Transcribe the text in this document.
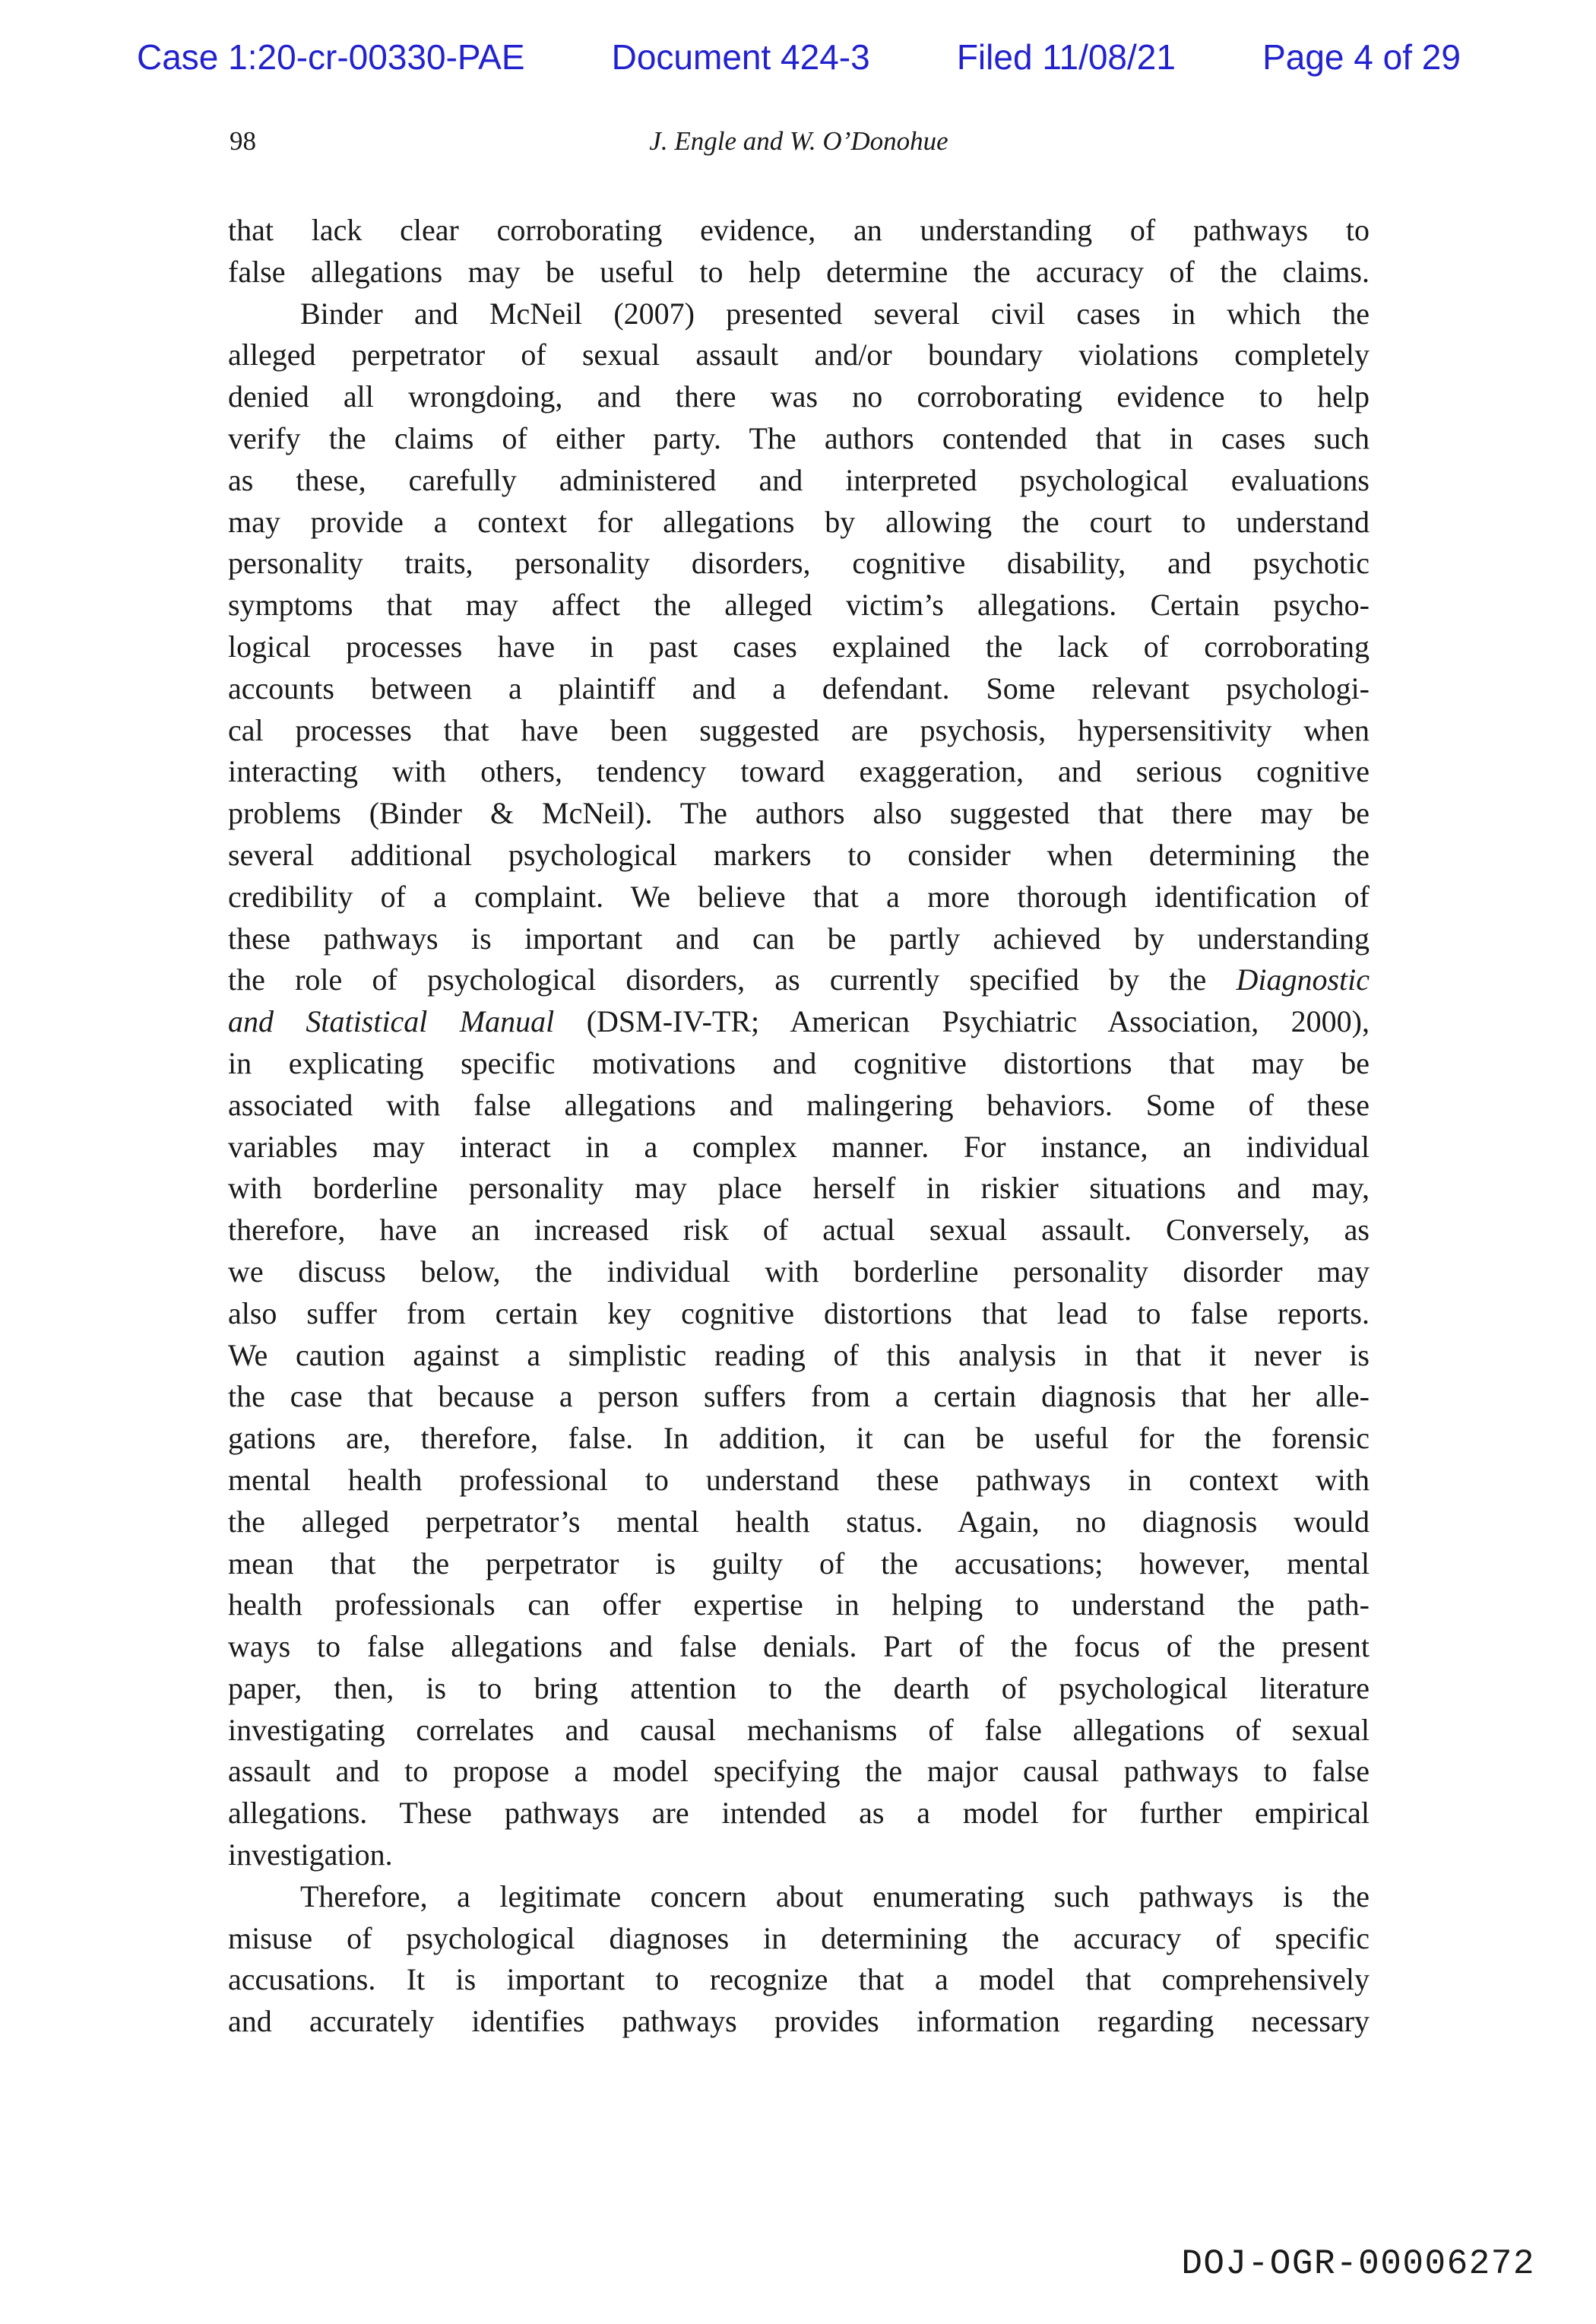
Case 1:20-cr-00330-PAE Document 424-3 Filed 11/08/21 Page 4 of 29
98	J. Engle and W. O’Donohue
that lack clear corroborating evidence, an understanding of pathways to
false allegations may be useful to help determine the accuracy of the claims.
Binder and McNeil (2007) presented several civil cases in which the
alleged perpetrator of sexual assault and/or boundary violations completely
denied all wrongdoing, and there was no corroborating evidence to help
verify the claims of either party. The authors contended that in cases such
as these, carefully administered and interpreted psychological evaluations
may provide a context for allegations by allowing the court to understand
personality traits, personality disorders, cognitive disability, and psychotic
symptoms that may affect the alleged victim’s allegations. Certain psycho-
logical processes have in past cases explained the lack of corroborating
accounts between a plaintiff and a defendant. Some relevant psychologi-
cal processes that have been suggested are psychosis, hypersensitivity when
interacting with others, tendency toward exaggeration, and serious cognitive
problems (Binder & McNeil). The authors also suggested that there may be
several additional psychological markers to consider when determining the
credibility of a complaint. We believe that a more thorough identification of
these pathways is important and can be partly achieved by understanding
the role of psychological disorders, as currently specified by the Diagnostic
and Statistical Manual (DSM-IV-TR; American Psychiatric Association, 2000),
in explicating specific motivations and cognitive distortions that may be
associated with false allegations and malingering behaviors. Some of these
variables may interact in a complex manner. For instance, an individual
with borderline personality may place herself in riskier situations and may,
therefore, have an increased risk of actual sexual assault. Conversely, as
we discuss below, the individual with borderline personality disorder may
also suffer from certain key cognitive distortions that lead to false reports.
We caution against a simplistic reading of this analysis in that it never is
the case that because a person suffers from a certain diagnosis that her alle-
gations are, therefore, false. In addition, it can be useful for the forensic
mental health professional to understand these pathways in context with
the alleged perpetrator’s mental health status. Again, no diagnosis would
mean that the perpetrator is guilty of the accusations; however, mental
health professionals can offer expertise in helping to understand the path-
ways to false allegations and false denials. Part of the focus of the present
paper, then, is to bring attention to the dearth of psychological literature
investigating correlates and causal mechanisms of false allegations of sexual
assault and to propose a model specifying the major causal pathways to false
allegations. These pathways are intended as a model for further empirical
investigation.
Therefore, a legitimate concern about enumerating such pathways is the
misuse of psychological diagnoses in determining the accuracy of specific
accusations. It is important to recognize that a model that comprehensively
and accurately identifies pathways provides information regarding necessary
DOJ-OGR-00006272
